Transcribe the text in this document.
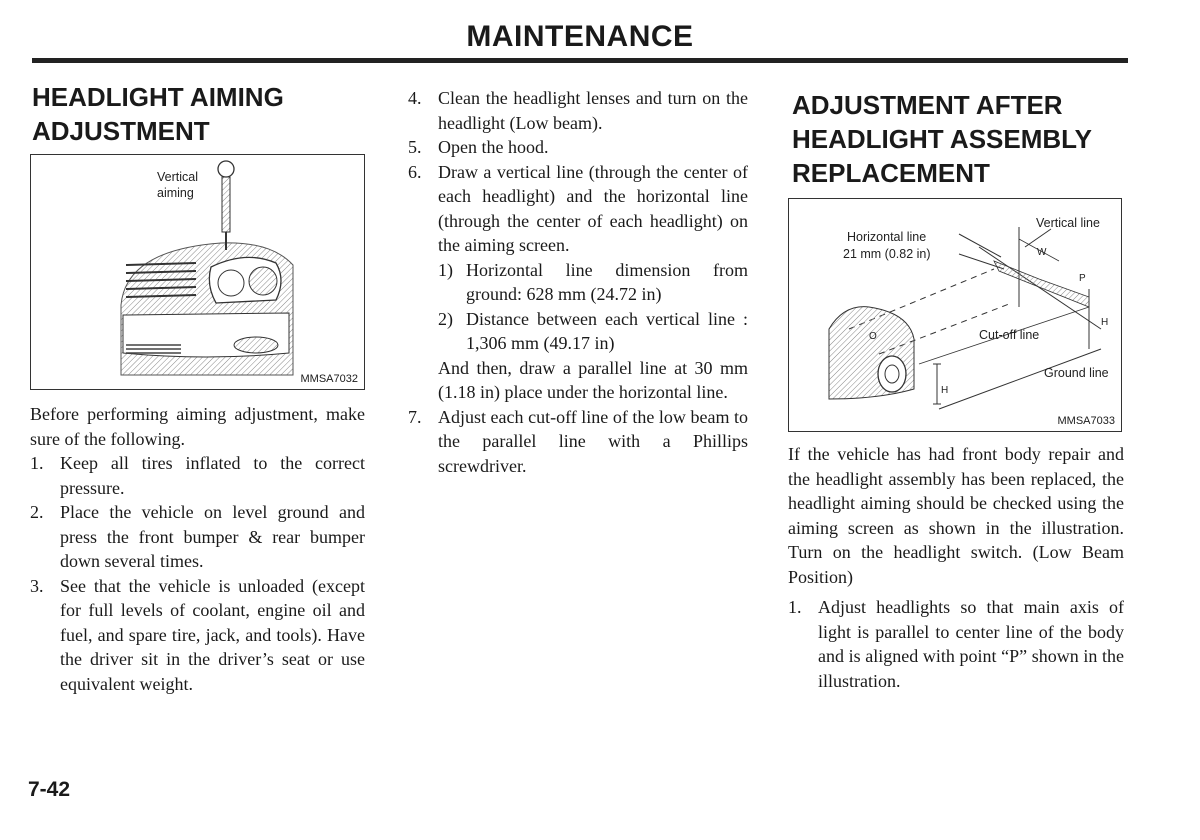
MAINTENANCE
HEADLIGHT AIMING ADJUSTMENT
Vertical aiming
MMSA7032

Before performing aiming adjustment, make sure of the following.

1. Keep all tires inflated to the correct pressure.
2. Place the vehicle on level ground and press the front bumper & rear bumper down several times.
3. See that the vehicle is unloaded (except for full levels of coolant, engine oil and fuel, and spare tire, jack, and tools). Have the driver sit in the driver’s seat or use equivalent weight.
4. Clean the headlight lenses and turn on the headlight (Low beam).
5. Open the hood.
6. Draw a vertical line (through the center of each headlight) and the horizontal line (through the center of each headlight) on the aiming screen.
1) Horizontal line dimension from ground: 628 mm (24.72 in)
2) Distance between each vertical line : 1,306 mm (49.17 in)
And then, draw a parallel line at 30 mm (1.18 in) place under the horizontal line.
7. Adjust each cut-off line of the low beam to the parallel line with a Phillips screwdriver.
ADJUSTMENT AFTER HEADLIGHT ASSEMBLY REPLACEMENT
Horizontal line
21 mm (0.82 in)
Vertical line
Cut-off line
Ground line
W
P
H
O
H
MMSA7033

If the vehicle has had front body repair and the headlight assembly has been replaced, the headlight aiming should be checked using the aiming screen as shown in the illustration. Turn on the headlight switch. (Low Beam Position)

1. Adjust headlights so that main axis of light is parallel to center line of the body and is aligned with point “P” shown in the illustration.
7-42
